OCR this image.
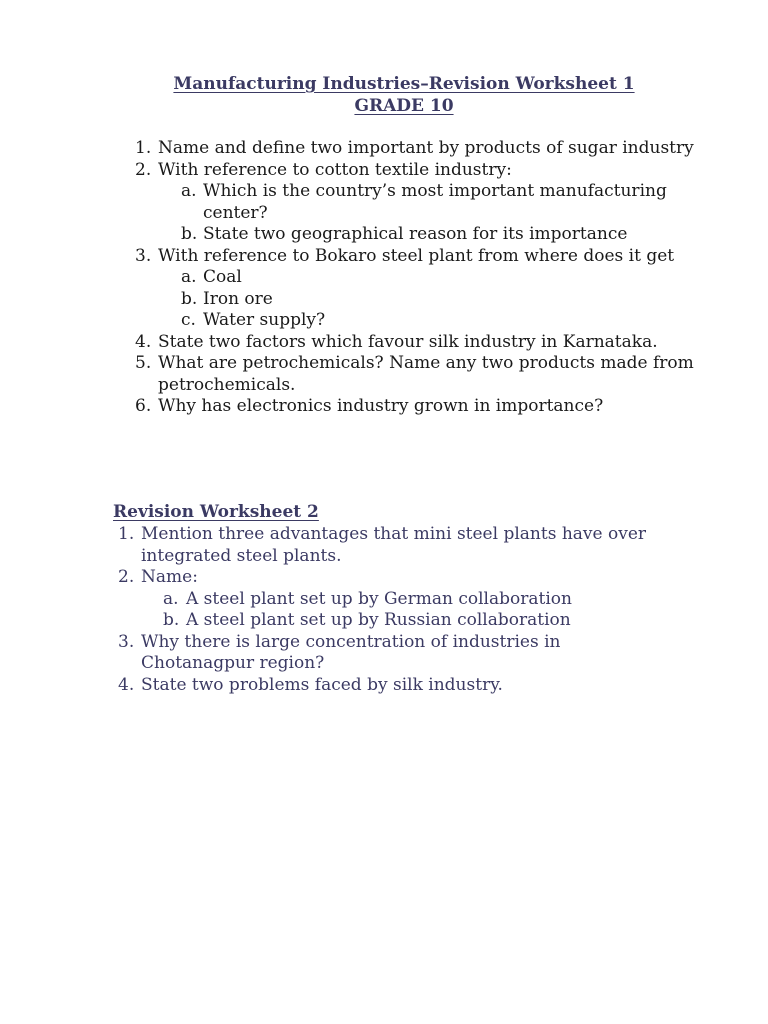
Manufacturing Industries–Revision Worksheet 1
GRADE 10
1. Name and define two important by products of sugar industry
2. With reference to cotton textile industry:
a. Which is the country’s most important manufacturing center?
b. State two geographical reason for its importance
3. With reference to Bokaro steel plant from where does it get
a. Coal
b. Iron ore
c. Water supply?
4. State two factors which favour silk industry in Karnataka.
5. What are petrochemicals? Name any two products made from petrochemicals.
6. Why has electronics industry grown in importance?
Revision Worksheet 2
1. Mention three advantages that mini steel plants have over integrated steel plants.
2. Name:
a. A steel plant set up by German collaboration
b. A steel plant set up by Russian collaboration
3. Why there is large concentration of industries in Chotanagpur region?
4. State two problems faced by silk industry.
